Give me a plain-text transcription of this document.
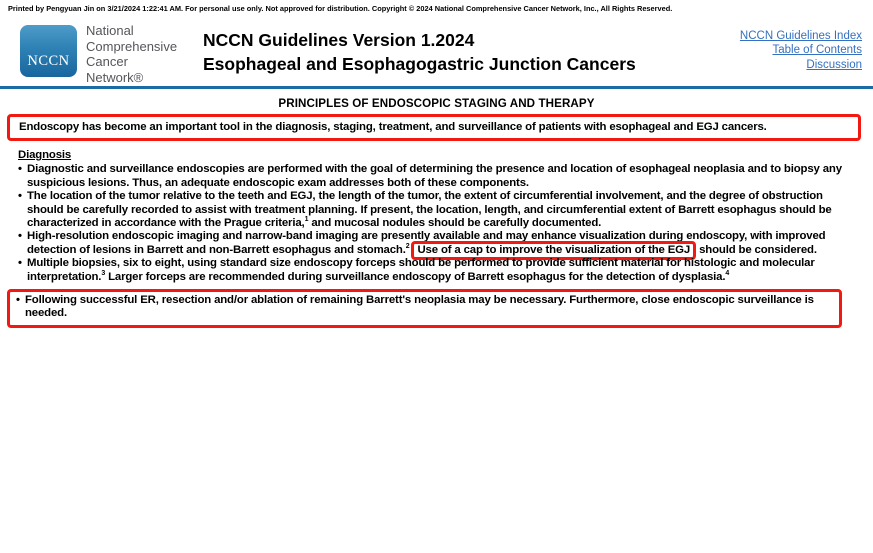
Printed by Pengyuan Jin on 3/21/2024 1:22:41 AM. For personal use only. Not approved for distribution. Copyright © 2024 National Comprehensive Cancer Network, Inc., All Rights Reserved.
NCCN
National
Comprehensive
Cancer
Network®
NCCN Guidelines Version 1.2024
Esophageal and Esophagogastric Junction Cancers
NCCN Guidelines Index
Table of Contents
Discussion
PRINCIPLES OF ENDOSCOPIC STAGING AND THERAPY
Endoscopy has become an important tool in the diagnosis, staging, treatment, and surveillance of patients with esophageal and EGJ cancers.
Diagnosis
• Diagnostic and surveillance endoscopies are performed with the goal of determining the presence and location of esophageal neoplasia and to biopsy any suspicious lesions. Thus, an adequate endoscopic exam addresses both of these components.
• The location of the tumor relative to the teeth and EGJ, the length of the tumor, the extent of circumferential involvement, and the degree of obstruction should be carefully recorded to assist with treatment planning. If present, the location, length, and circumferential extent of Barrett esophagus should be characterized in accordance with the Prague criteria,$^1$ and mucosal nodules should be carefully documented.
• High-resolution endoscopic imaging and narrow-band imaging are presently available and may enhance visualization during endoscopy, with improved detection of lesions in Barrett and non-Barrett esophagus and stomach.$^2$ Use of a cap to improve the visualization of the EGJ should be considered.
• Multiple biopsies, six to eight, using standard size endoscopy forceps should be performed to provide sufficient material for histologic and molecular interpretation.$^3$ Larger forceps are recommended during surveillance endoscopy of Barrett esophagus for the detection of dysplasia.$^4$
• Following successful ER, resection and/or ablation of remaining Barrett's neoplasia may be necessary. Furthermore, close endoscopic surveillance is needed.
